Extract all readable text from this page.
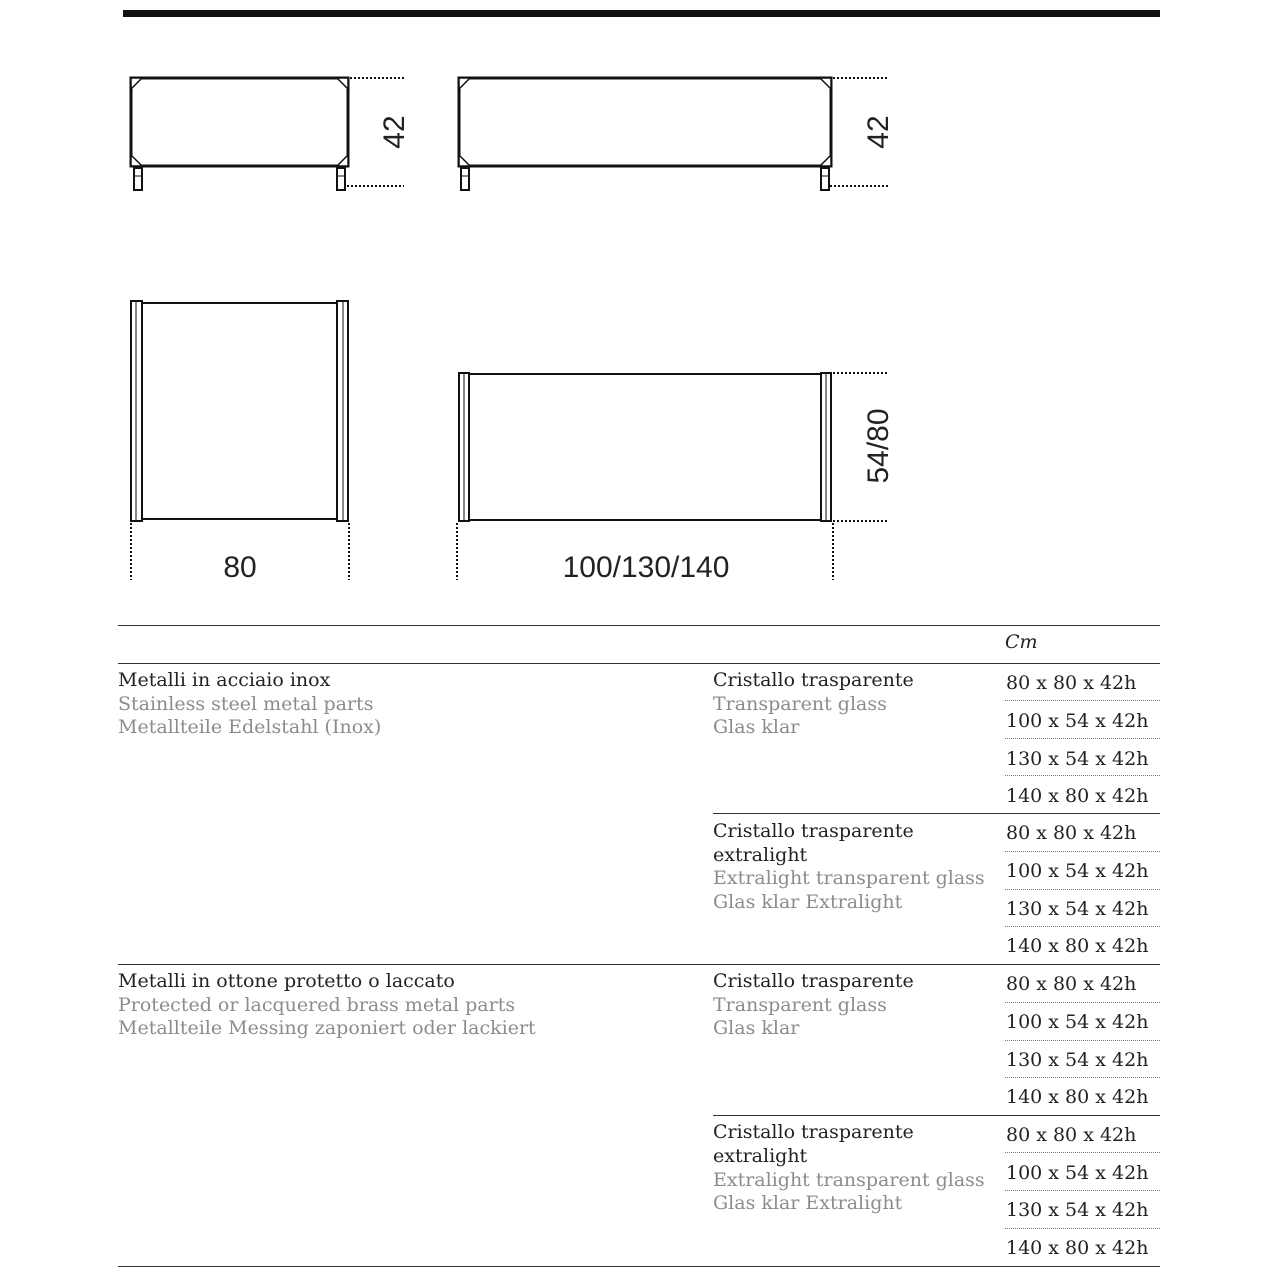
42	42
80
54/80
100/130/140
Cm
Metalli in acciaio inox
Stainless steel metal parts
Metallteile Edelstahl (Inox)
Cristallo trasparente
Transparent glass
Glas klar
80 x 80 x 42h
100 x 54 x 42h
130 x 54 x 42h
140 x 80 x 42h
Cristallo trasparente
extralight
Extralight transparent glass
Glas klar Extralight
80 x 80 x 42h
100 x 54 x 42h
130 x 54 x 42h
140 x 80 x 42h
Metalli in ottone protetto o laccato
Protected or lacquered brass metal parts
Metallteile Messing zaponiert oder lackiert
Cristallo trasparente
Transparent glass
Glas klar
80 x 80 x 42h
100 x 54 x 42h
130 x 54 x 42h
140 x 80 x 42h
Cristallo trasparente
extralight
Extralight transparent glass
Glas klar Extralight
80 x 80 x 42h
100 x 54 x 42h
130 x 54 x 42h
140 x 80 x 42h
